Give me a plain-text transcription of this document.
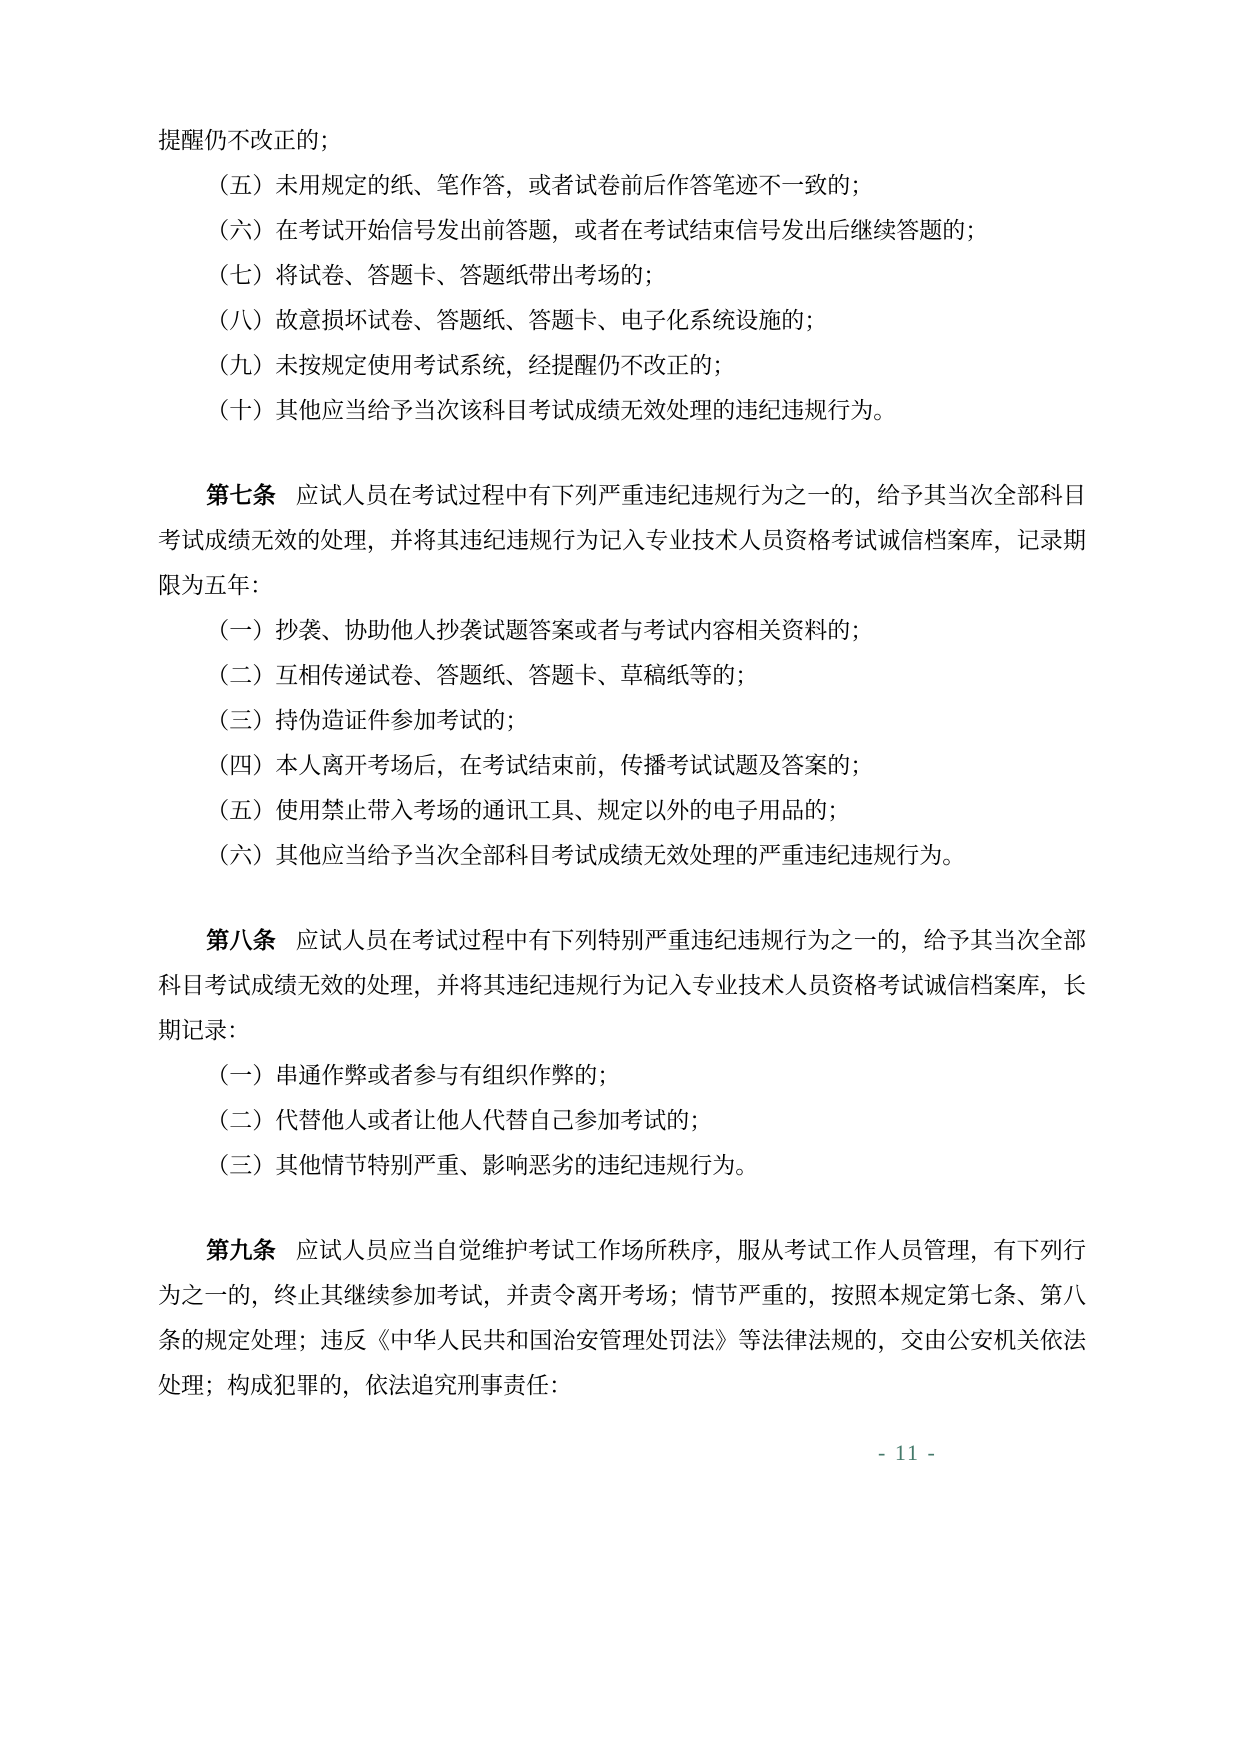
提醒仍不改正的；

（五）未用规定的纸、笔作答，或者试卷前后作答笔迹不一致的；

（六）在考试开始信号发出前答题，或者在考试结束信号发出后继续答题的；

（七）将试卷、答题卡、答题纸带出考场的；

（八）故意损坏试卷、答题纸、答题卡、电子化系统设施的；

（九）未按规定使用考试系统，经提醒仍不改正的；

（十）其他应当给予当次该科目考试成绩无效处理的违纪违规行为。

第七条 应试人员在考试过程中有下列严重违纪违规行为之一的，给予其当次全部科目考试成绩无效的处理，并将其违纪违规行为记入专业技术人员资格考试诚信档案库，记录期限为五年：

（一）抄袭、协助他人抄袭试题答案或者与考试内容相关资料的；

（二）互相传递试卷、答题纸、答题卡、草稿纸等的；

（三）持伪造证件参加考试的；

（四）本人离开考场后，在考试结束前，传播考试试题及答案的；

（五）使用禁止带入考场的通讯工具、规定以外的电子用品的；

（六）其他应当给予当次全部科目考试成绩无效处理的严重违纪违规行为。

第八条 应试人员在考试过程中有下列特别严重违纪违规行为之一的，给予其当次全部科目考试成绩无效的处理，并将其违纪违规行为记入专业技术人员资格考试诚信档案库，长期记录：

（一）串通作弊或者参与有组织作弊的；

（二）代替他人或者让他人代替自己参加考试的；

（三）其他情节特别严重、影响恶劣的违纪违规行为。

第九条 应试人员应当自觉维护考试工作场所秩序，服从考试工作人员管理，有下列行为之一的，终止其继续参加考试，并责令离开考场；情节严重的，按照本规定第七条、第八条的规定处理；违反《中华人民共和国治安管理处罚法》等法律法规的，交由公安机关依法处理；构成犯罪的，依法追究刑事责任：

- 11 -
